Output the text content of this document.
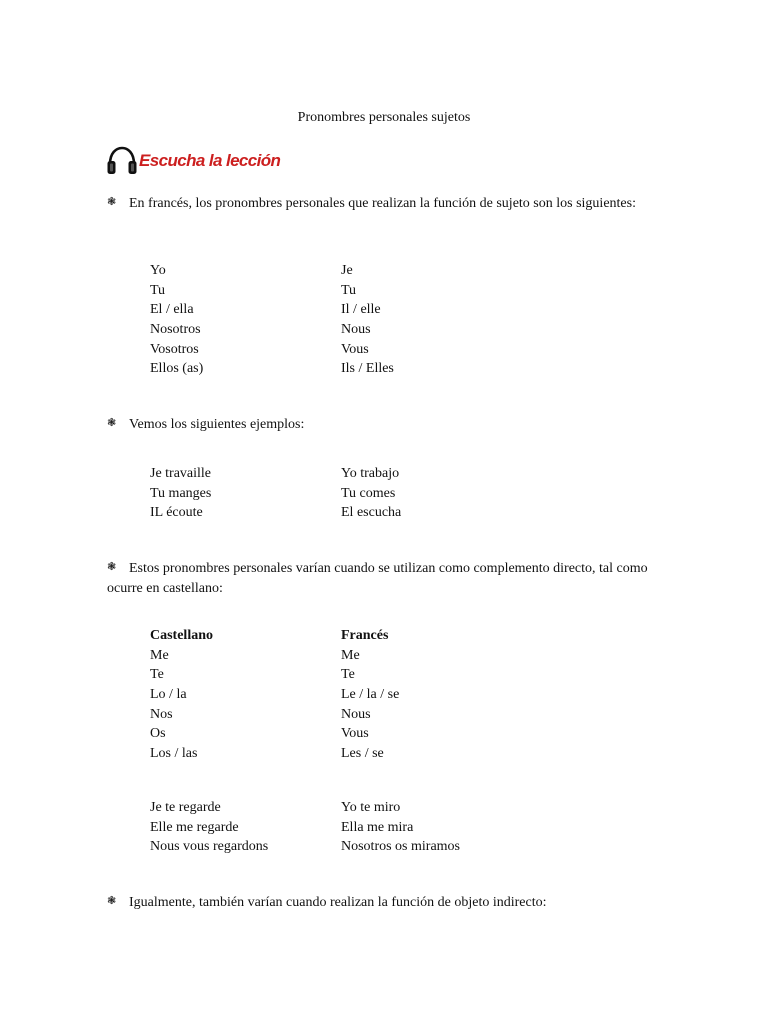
Pronombres personales sujetos
Escucha la lección
❃ En francés, los pronombres personales que realizan la función de sujeto son los siguientes:
Yo	Je
Tu	Tu
El / ella	Il / elle
Nosotros	Nous
Vosotros	Vous
Ellos (as)	Ils / Elles
❃ Vemos los siguientes ejemplos:
Je travaille	Yo trabajo
Tu manges	Tu comes
IL écoute	El escucha
❃ Estos pronombres personales varían cuando se utilizan como complemento directo, tal como ocurre en castellano:
Castellano	Francés
Me	Me
Te	Te
Lo / la	Le / la / se
Nos	Nous
Os	Vous
Los / las	Les / se
Je te regarde	Yo te miro
Elle me regarde	Ella me mira
Nous vous regardons	Nosotros os miramos
❃ Igualmente, también varían cuando realizan la función de objeto indirecto:
